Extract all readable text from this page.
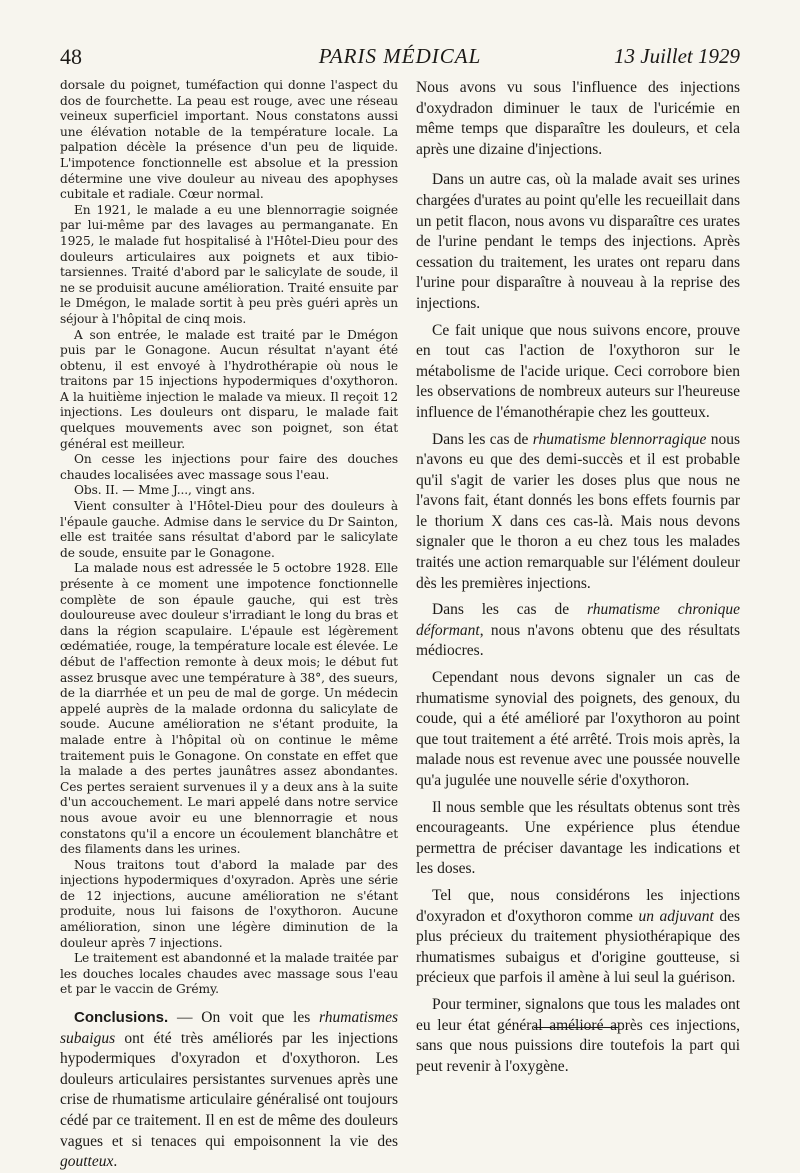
48	PARIS MÉDICAL	13 Juillet 1929

dorsale du poignet, tuméfaction qui donne l'aspect du dos de fourchette. La peau est rouge, avec une réseau veineux superficiel important. Nous constatons aussi une élévation notable de la température locale. La palpation décèle la présence d'un peu de liquide. L'impotence fonctionnelle est absolue et la pression détermine une vive douleur au niveau des apophyses cubitale et radiale. Cœur normal.

En 1921, le malade a eu une blennorragie soignée par lui-même par des lavages au permanganate. En 1925, le malade fut hospitalisé à l'Hôtel-Dieu pour des douleurs articulaires aux poignets et aux tibio-tarsiennes. Traité d'abord par le salicylate de soude, il ne se produisit aucune amélioration. Traité ensuite par le Dmégon, le malade sortit à peu près guéri après un séjour à l'hôpital de cinq mois.

A son entrée, le malade est traité par le Dmégon puis par le Gonagone. Aucun résultat n'ayant été obtenu, il est envoyé à l'hydrothérapie où nous le traitons par 15 injections hypodermiques d'oxythoron. A la huitième injection le malade va mieux. Il reçoit 12 injections. Les douleurs ont disparu, le malade fait quelques mouvements avec son poignet, son état général est meilleur.

On cesse les injections pour faire des douches chaudes localisées avec massage sous l'eau.

Obs. II. — Mme J..., vingt ans.

Vient consulter à l'Hôtel-Dieu pour des douleurs à l'épaule gauche. Admise dans le service du Dr Sainton, elle est traitée sans résultat d'abord par le salicylate de soude, ensuite par le Gonagone.

La malade nous est adressée le 5 octobre 1928. Elle présente à ce moment une impotence fonctionnelle complète de son épaule gauche, qui est très douloureuse avec douleur s'irradiant le long du bras et dans la région scapulaire. L'épaule est légèrement œdématiée, rouge, la température locale est élevée. Le début de l'affection remonte à deux mois; le début fut assez brusque avec une température à 38°, des sueurs, de la diarrhée et un peu de mal de gorge. Un médecin appelé auprès de la malade ordonna du salicylate de soude. Aucune amélioration ne s'étant produite, la malade entre à l'hôpital où on continue le même traitement puis le Gonagone. On constate en effet que la malade a des pertes jaunâtres assez abondantes. Ces pertes seraient survenues il y a deux ans à la suite d'un accouchement. Le mari appelé dans notre service nous avoue avoir eu une blennorragie et nous constatons qu'il a encore un écoulement blanchâtre et des filaments dans les urines.

Nous traitons tout d'abord la malade par des injections hypodermiques d'oxyradon. Après une série de 12 injections, aucune amélioration ne s'étant produite, nous lui faisons de l'oxythoron. Aucune amélioration, sinon une légère diminution de la douleur après 7 injections.

Le traitement est abandonné et la malade traitée par les douches locales chaudes avec massage sous l'eau et par le vaccin de Grémy.

Conclusions. — On voit que les rhumatismes subaigus ont été très améliorés par les injections hypodermiques d'oxyradon et d'oxythoron. Les douleurs articulaires persistantes survenues après une crise de rhumatisme articulaire généralisé ont toujours cédé par ce traitement. Il en est de même des douleurs vagues et si tenaces qui empoisonnent la vie des goutteux.

Nous avons vu sous l'influence des injections d'oxydradon diminuer le taux de l'uricémie en même temps que disparaître les douleurs, et cela après une dizaine d'injections.

Dans un autre cas, où la malade avait ses urines chargées d'urates au point qu'elle les recueillait dans un petit flacon, nous avons vu disparaître ces urates de l'urine pendant le temps des injections. Après cessation du traitement, les urates ont reparu dans l'urine pour disparaître à nouveau à la reprise des injections.

Ce fait unique que nous suivons encore, prouve en tout cas l'action de l'oxythoron sur le métabolisme de l'acide urique. Ceci corrobore bien les observations de nombreux auteurs sur l'heureuse influence de l'émanothérapie chez les goutteux.

Dans les cas de rhumatisme blennorragique nous n'avons eu que des demi-succès et il est probable qu'il s'agit de varier les doses plus que nous ne l'avons fait, étant donnés les bons effets fournis par le thorium X dans ces cas-là. Mais nous devons signaler que le thoron a eu chez tous les malades traités une action remarquable sur l'élément douleur dès les premières injections.

Dans les cas de rhumatisme chronique déformant, nous n'avons obtenu que des résultats médiocres.

Cependant nous devons signaler un cas de rhumatisme synovial des poignets, des genoux, du coude, qui a été amélioré par l'oxythoron au point que tout traitement a été arrêté. Trois mois après, la malade nous est revenue avec une poussée nouvelle qu'a jugulée une nouvelle série d'oxythoron.

Il nous semble que les résultats obtenus sont très encourageants. Une expérience plus étendue permettra de préciser davantage les indications et les doses.

Tel que, nous considérons les injections d'oxyradon et d'oxythoron comme un adjuvant des plus précieux du traitement physiothérapique des rhumatismes subaigus et d'origine goutteuse, si précieux que parfois il amène à lui seul la guérison.

Pour terminer, signalons que tous les malades ont eu leur état général amélioré après ces injections, sans que nous puissions dire toutefois la part qui peut revenir à l'oxygène.
